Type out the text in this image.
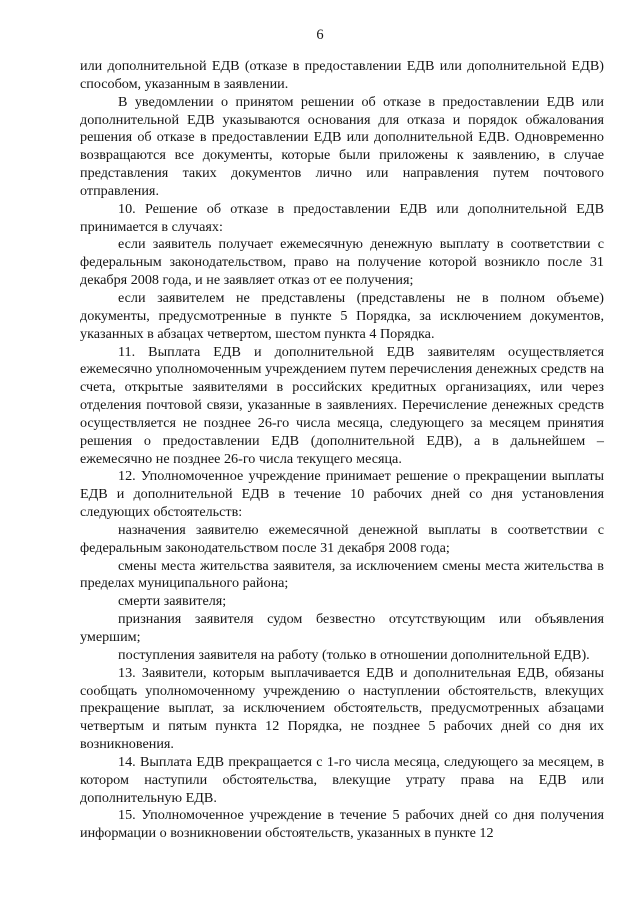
6

или дополнительной ЕДВ (отказе в предоставлении ЕДВ или дополнительной ЕДВ) способом, указанным в заявлении.

В уведомлении о принятом решении об отказе в предоставлении ЕДВ или дополнительной ЕДВ указываются основания для отказа и порядок обжалования решения об отказе в предоставлении ЕДВ или дополнительной ЕДВ. Одновременно возвращаются все документы, которые были приложены к заявлению, в случае представления таких документов лично или направления путем почтового отправления.

10. Решение об отказе в предоставлении ЕДВ или дополнительной ЕДВ принимается в случаях:

если заявитель получает ежемесячную денежную выплату в соответствии с федеральным законодательством, право на получение которой возникло после 31 декабря 2008 года, и не заявляет отказ от ее получения;

если заявителем не представлены (представлены не в полном объеме) документы, предусмотренные в пункте 5 Порядка, за исключением документов, указанных в абзацах четвертом, шестом пункта 4 Порядка.

11. Выплата ЕДВ и дополнительной ЕДВ заявителям осуществляется ежемесячно уполномоченным учреждением путем перечисления денежных средств на счета, открытые заявителями в российских кредитных организациях, или через отделения почтовой связи, указанные в заявлениях. Перечисление денежных средств осуществляется не позднее 26-го числа месяца, следующего за месяцем принятия решения о предоставлении ЕДВ (дополнительной ЕДВ), а в дальнейшем – ежемесячно не позднее 26-го числа текущего месяца.

12. Уполномоченное учреждение принимает решение о прекращении выплаты ЕДВ и дополнительной ЕДВ в течение 10 рабочих дней со дня установления следующих обстоятельств:

назначения заявителю ежемесячной денежной выплаты в соответствии с федеральным законодательством после 31 декабря 2008 года;

смены места жительства заявителя, за исключением смены места жительства в пределах муниципального района;

смерти заявителя;

признания заявителя судом безвестно отсутствующим или объявления умершим;

поступления заявителя на работу (только в отношении дополнительной ЕДВ).

13. Заявители, которым выплачивается ЕДВ и дополнительная ЕДВ, обязаны сообщать уполномоченному учреждению о наступлении обстоятельств, влекущих прекращение выплат, за исключением обстоятельств, предусмотренных абзацами четвертым и пятым пункта 12 Порядка, не позднее 5 рабочих дней со дня их возникновения.

14. Выплата ЕДВ прекращается с 1-го числа месяца, следующего за месяцем, в котором наступили обстоятельства, влекущие утрату права на ЕДВ или дополнительную ЕДВ.

15. Уполномоченное учреждение в течение 5 рабочих дней со дня получения информации о возникновении обстоятельств, указанных в пункте 12
